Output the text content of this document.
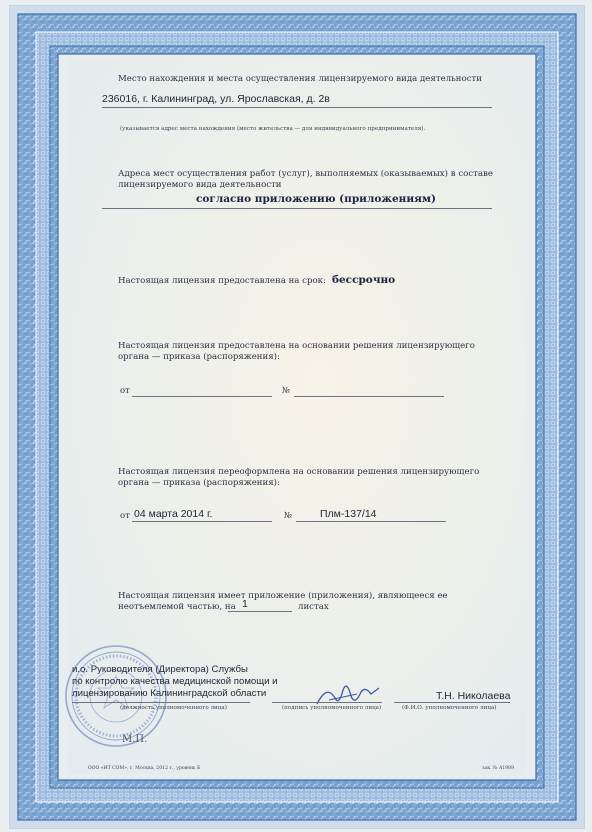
Место нахождения и места осуществления лицензируемого вида деятельности
236016, г. Калининград, ул. Ярославская, д. 2в
(указывается адрес места нахождения (место жительства — для индивидуального предпринимателя).
Адреса мест осуществления работ (услуг), выполняемых (оказываемых) в составе
лицензируемого вида деятельности
согласно приложению (приложениям)
Настоящая лицензия предоставлена на срок: бессрочно
Настоящая лицензия предоставлена на основании решения лицензирующего
органа — приказа (распоряжения):
от	№
Настоящая лицензия переоформлена на основании решения лицензирующего
органа — приказа (распоряжения):
от 04 марта 2014 г.	№	Плм-137/14
Настоящая лицензия имеет приложение (приложения), являющееся ее
неотъемлемой частью, на 1	листах
и.о. Руководителя (Директора) Службы
по контролю качества медицинской помощи и
лицензированию Калининградской области
(должность уполномоченного лица)	(подпись уполномоченного лица)
Т.Н. Николаева
(Ф.И.О. уполномоченного лица)
М.П.
ООО «ИТ СОМ», г. Москва, 2012 г., уровень Б	зак. № А1989
